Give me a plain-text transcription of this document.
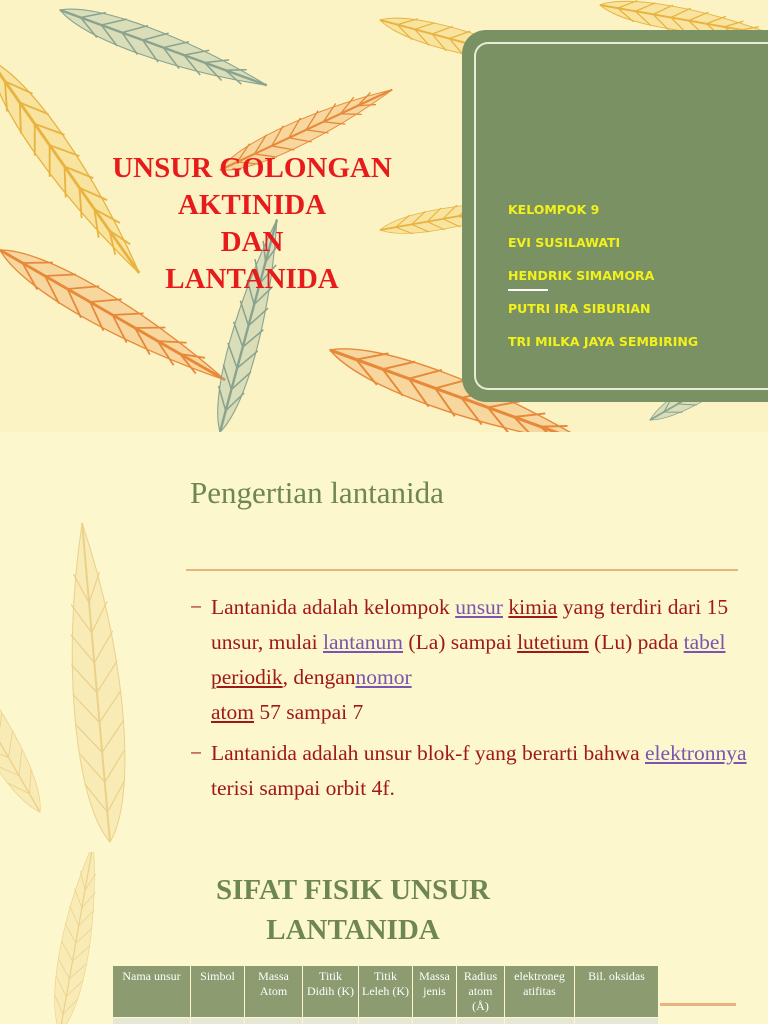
UNSUR GOLONGAN
AKTINIDA
DAN
LANTANIDA
KELOMPOK 9
EVI SUSILAWATI
HENDRIK SIMAMORA
PUTRI IRA SIBURIAN
TRI MILKA JAYA SEMBIRING
Pengertian lantanida
− Lantanida adalah kelompok unsur kimia yang terdiri dari 15 unsur, mulai lantanum (La) sampai lutetium (Lu) pada tabel periodik, dengannomor
atom 57 sampai 7
− Lantanida adalah unsur blok-f yang berarti bahwa elektronnya terisi sampai orbit 4f.
SIFAT FISIK UNSUR
LANTANIDA
Nama unsur	Simbol	Massa Atom	Titik Didih (K)	Titik Leleh (K)	Massa jenis	Radius atom (Å)	elektroneg atifitas	Bil. oksidas
